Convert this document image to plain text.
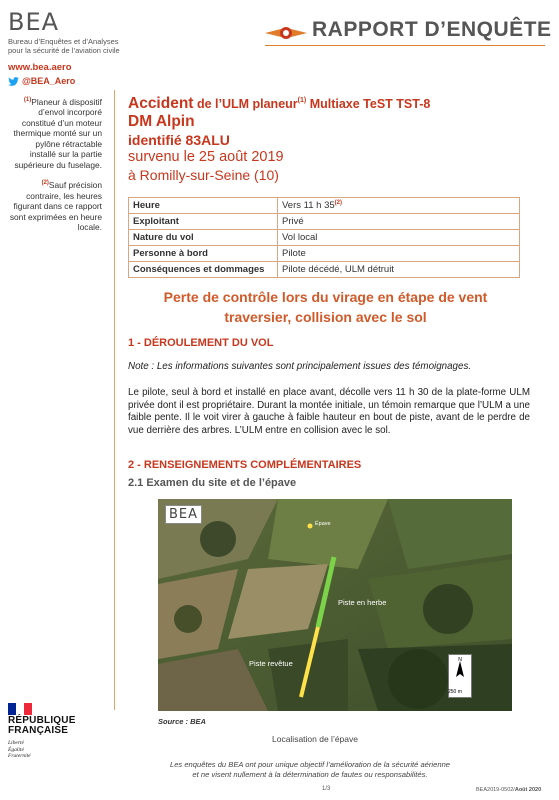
BEA
Bureau d’Enquêtes et d’Analyses
pour la sécurité de l’aviation civile
RAPPORT D’ENQUÊTE
www.bea.aero
@BEA_Aero

$^{(1)}$Planeur à dispositif d’envol incorporé constitué d’un moteur thermique monté sur un pylône rétractable installé sur la partie supérieure du fuselage.

$^{(2)}$Sauf précision contraire, les heures figurant dans ce rapport sont exprimées en heure locale.

Accident de l’ULM planeur$^{(1)}$ Multiaxe TeST TST-8
DM Alpin
identifié 83ALU
survenu le 25 août 2019
à Romilly-sur-Seine (10)
Heure	Vers 11 h 35$^{(2)}$
Exploitant	Privé
Nature du vol	Vol local
Personne à bord	Pilote
Conséquences et dommages	Pilote décédé, ULM détruit
Perte de contrôle lors du virage en étape de vent
traversier, collision avec le sol
1 - DÉROULEMENT DU VOL
Note : Les informations suivantes sont principalement issues des témoignages.
Le pilote, seul à bord et installé en place avant, décolle vers 11 h 30 de la plate-forme ULM privée dont il est propriétaire. Durant la montée initiale, un témoin remarque que l’ULM a une faible pente. Il le voit virer à gauche à faible hauteur en bout de piste, avant de le perdre de vue derrière des arbres. L’ULM entre en collision avec le sol.
2 - RENSEIGNEMENTS COMPLÉMENTAIRES
2.1 Examen du site et de l’épave
BEA
Épave
Piste en herbe
Piste revêtue	N
250 m
Source : BEA
Localisation de l’épave
Les enquêtes du BEA ont pour unique objectif l’amélioration de la sécurité aérienne
et ne visent nullement à la détermination de fautes ou responsabilités.
1/3	BEA2019-0502/Août 2020
RÉPUBLIQUE
FRANÇAISE
Liberté
Égalité
Fraternité
